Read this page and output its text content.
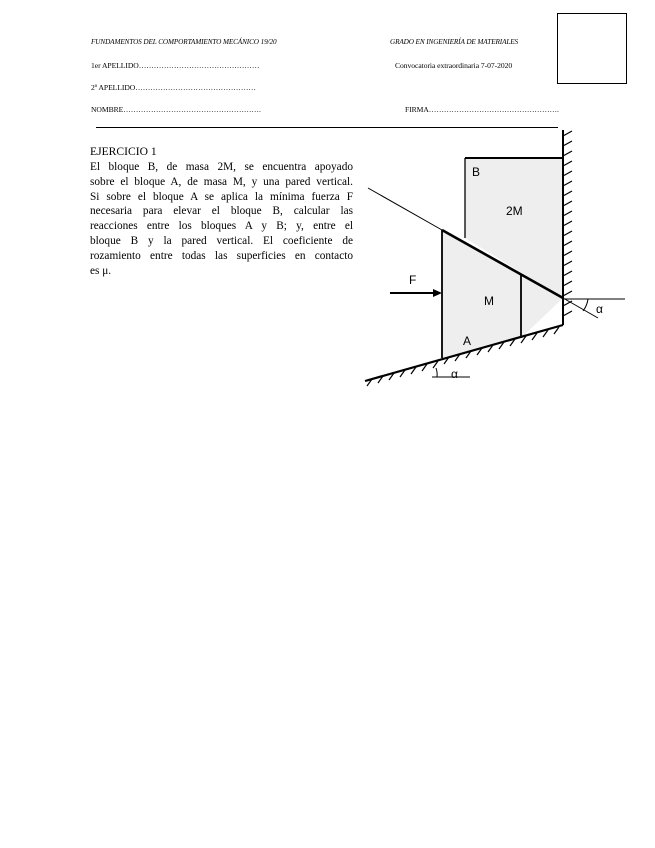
FUNDAMENTOS DEL COMPORTAMIENTO MECÁNICO 19/20	GRADO EN INGENIERÍA DE MATERIALES
1er APELLIDO…………………………………………	Convocatoria extraordinaria 7-07-2020
2º APELLIDO…………………………………………
NOMBRE……………………………………………….	FIRMA…………………………………………….
EJERCICIO 1
El bloque B, de masa 2M, se encuentra apoyado
sobre el bloque A, de masa M, y una pared vertical.
Si sobre el bloque A se aplica la mínima fuerza F
necesaria para elevar el bloque B, calcular las
reacciones entre los bloques A y B; y, entre el
bloque B y la pared vertical. El coeficiente de
rozamiento entre todas las superficies en contacto
es μ.
B
2M
F
M
A
α
α
